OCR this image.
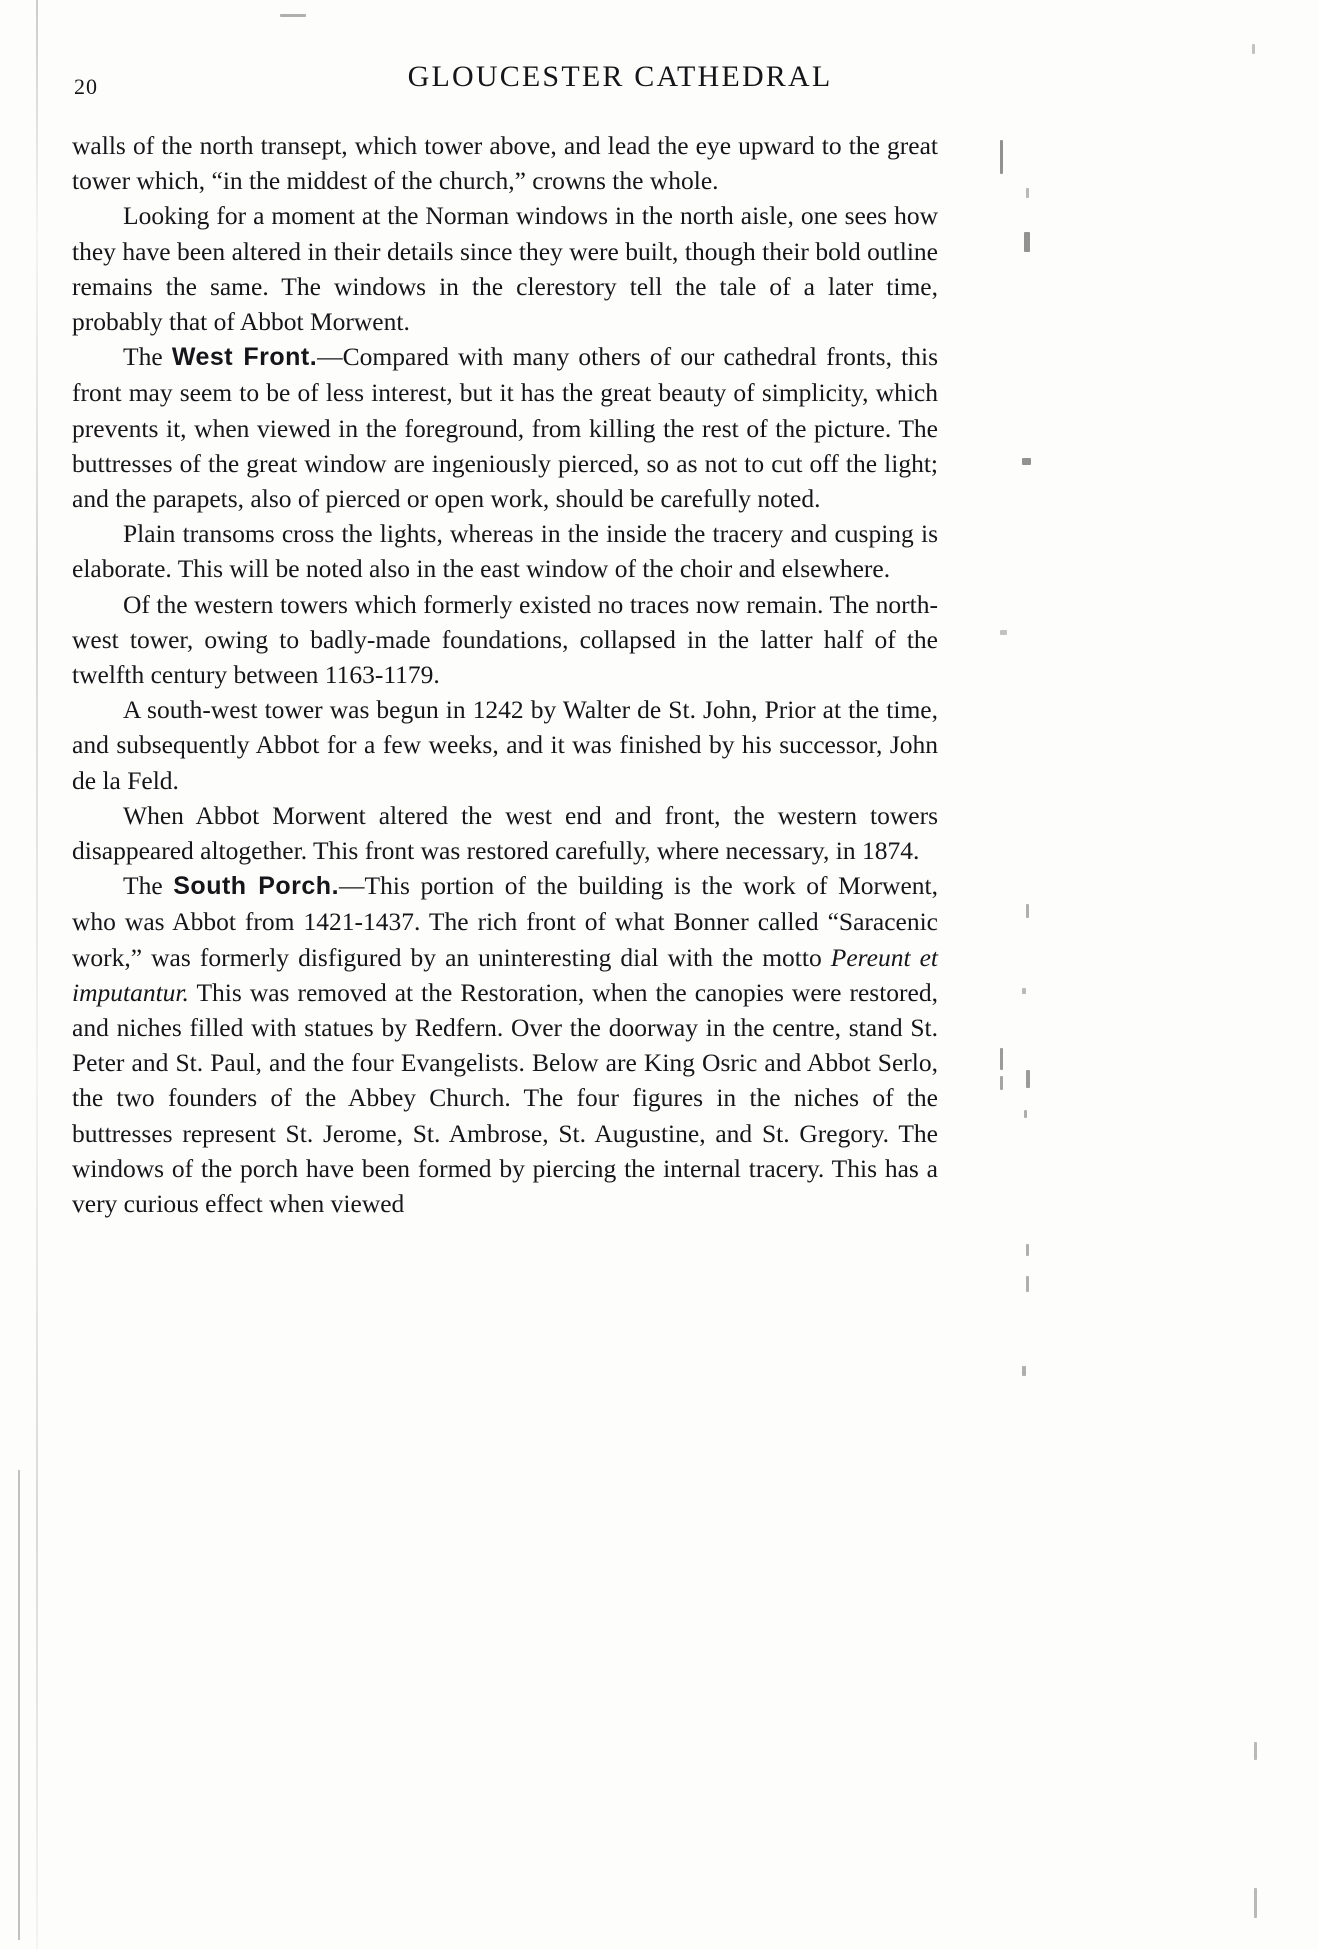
20	GLOUCESTER CATHEDRAL

walls of the north transept, which tower above, and lead the eye upward to the great tower which, “in the middest of the church,” crowns the whole.

Looking for a moment at the Norman windows in the north aisle, one sees how they have been altered in their details since they were built, though their bold outline remains the same. The windows in the clerestory tell the tale of a later time, probably that of Abbot Morwent.

The West Front.—Compared with many others of our cathedral fronts, this front may seem to be of less interest, but it has the great beauty of simplicity, which prevents it, when viewed in the foreground, from killing the rest of the picture. The buttresses of the great window are ingeniously pierced, so as not to cut off the light; and the parapets, also of pierced or open work, should be carefully noted.

Plain transoms cross the lights, whereas in the inside the tracery and cusping is elaborate. This will be noted also in the east window of the choir and elsewhere.

Of the western towers which formerly existed no traces now remain. The north-west tower, owing to badly-made foundations, collapsed in the latter half of the twelfth century between 1163-1179.

A south-west tower was begun in 1242 by Walter de St. John, Prior at the time, and subsequently Abbot for a few weeks, and it was finished by his successor, John de la Feld.

When Abbot Morwent altered the west end and front, the western towers disappeared altogether. This front was restored carefully, where necessary, in 1874.

The South Porch.—This portion of the building is the work of Morwent, who was Abbot from 1421-1437. The rich front of what Bonner called “Saracenic work,” was formerly disfigured by an uninteresting dial with the motto Pereunt et imputantur. This was removed at the Restoration, when the canopies were restored, and niches filled with statues by Redfern. Over the doorway in the centre, stand St. Peter and St. Paul, and the four Evangelists. Below are King Osric and Abbot Serlo, the two founders of the Abbey Church. The four figures in the niches of the buttresses represent St. Jerome, St. Ambrose, St. Augustine, and St. Gregory. The windows of the porch have been formed by piercing the internal tracery. This has a very curious effect when viewed
